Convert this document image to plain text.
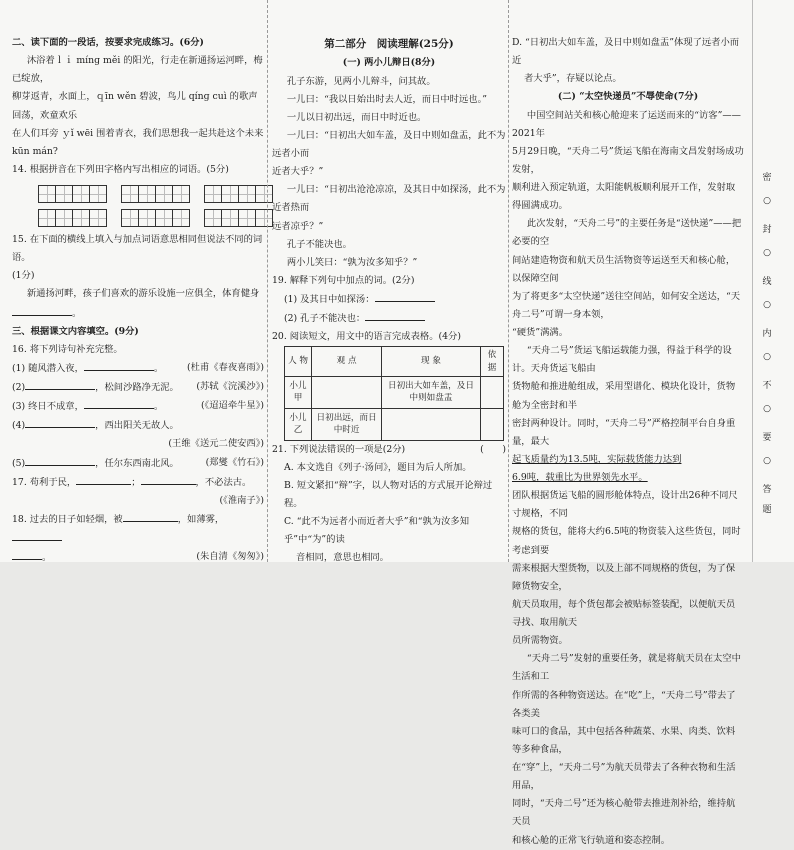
二、读下面的一段话，按要求完成练习。(6分)

沐浴着ｌｉ mínɡ měi 的阳光，行走在新通扬运河畔，梅已绽放，

柳芽返青，水面上，ｑīn wěn 碧波，鸟儿 qínɡ cuì 的歌声回荡，欢童欢乐

在人们耳旁 ｙǐ wēi 围着青衣，我们思想我一起共赴这个未来

kūn mán?

14. 根据拼音在下列田字格内写出相应的词语。(5分)

15. 在下面的横线上填入与加点词语意思相同但说法不同的词语。

(1分)

新通扬河畔，孩子们喜欢的游乐设施一应俱全，体育健身

。

三、根据课文内容填空。(9分)

16. 将下列诗句补充完整。

(1) 随风潜入夜，	。	(杜甫《春夜喜雨》)

(2)	，松间沙路净无泥。 (苏轼《浣溪沙》)

(3) 终日不成章，	。	(《迢迢牵牛星》)

(4)	，西出阳关无故人。

(王维《送元二使安西》)

(5)	，任尔东西南北风。	(郑燮《竹石》)

17. 苟利于民，	；	，不必法古。

(《淮南子》)

18. 过去的日子如轻烟，被	，如薄雾，

。	(朱自清《匆匆》)

第二部分　阅读理解(25分)

(一) 两小儿辩日(8分)

孔子东游，见两小儿辩斗，问其故。

一儿曰：“我以日始出时去人近，而日中时远也。”

一儿以日初出远，而日中时近也。

一儿曰：“日初出大如车盖，及日中则如盘盂，此不为远者小而

近者大乎？”

一儿曰：“日初出沧沧凉凉，及其日中如探汤，此不为近者热而

远者凉乎？”

孔子不能决也。

两小儿笑曰：“孰为汝多知乎？”

19. 解释下列句中加点的词。(2分)

(1) 及其日中如探汤：

(2) 孔子不能决也：

20. 阅读短文，用文中的语言完成表格。(4分)

人 物	观 点	现 象	依 据
小儿甲		日初出大如车盖，及日中则如盘盂	
小儿乙	日初出远，而日中时近		

21. 下列说法错误的一项是(2分)	(　　)

A. 本文选自《列子·汤问》，题目为后人所加。

B. 短文紧扣“辩”字，以人物对话的方式展开论辩过程。

C. “此不为远者小而近者大乎”和“孰为汝多知乎”中“为”的读

音相同，意思也相同。

D. “日初出大如车盖，及日中则如盘盂”体现了远者小而近

者大乎”，存疑以论点。

(二) “太空快递员”不辱使命(7分)

中国空间站关和核心舱迎来了运送而来的“访客”——2021年

5月29日晚，“天舟二号”货运飞船在海南文昌发射场成功发射，

顺利进入预定轨道，太阳能帆板顺利展开工作，发射取得圆满成功。

此次发射，“天舟二号”的主要任务是“送快递”——把必要的空

间站建造物资和航天员生活物资等运送至天和核心舱，以保障空间

为了将更多“太空快递”送往空间站，如何安全送达，“天舟二号”可谓一身本领，

“硬货”满满。

“天舟二号”货运飞船运载能力强，得益于科学的设计。天舟货运飞船由

货物舱和推进舱组成，采用型谱化、模块化设计，货物舱为全密封和半

密封两种设计。同时，“天舟二号”严格控制平台自身重量，最大

起飞质量约为13.5吨，实际载货能力达到

6.9吨，载重比为世界领先水平。

团队根据货运飞船的圆形舱体特点，设计出26种不同尺寸规格，不同

规格的货包，能将大约6.5吨的物资装入这些货包，同时考虑到要

需来根据大型货物，以及上部不同规格的货包，为了保障货物安全，

航天员取用，每个货包都会被贴标签装配，以便航天员寻找、取用航天

员所需物资。

“天舟二号”发射的重要任务，就是将航天员在太空中生活和工

作所需的各种物资送达。在“吃”上，“天舟二号”带去了各类美

味可口的食品，其中包括各种蔬菜、水果、肉类、饮料等多种食品，

在“穿”上，“天舟二号”为航天员带去了各种衣物和生活用品，

同时，“天舟二号”还为核心舱带去推进剂补给，维持航天员

和核心舱的正常飞行轨道和姿态控制。

密
○
封
○
线
○
内
○
不
○
要
○
答
题
